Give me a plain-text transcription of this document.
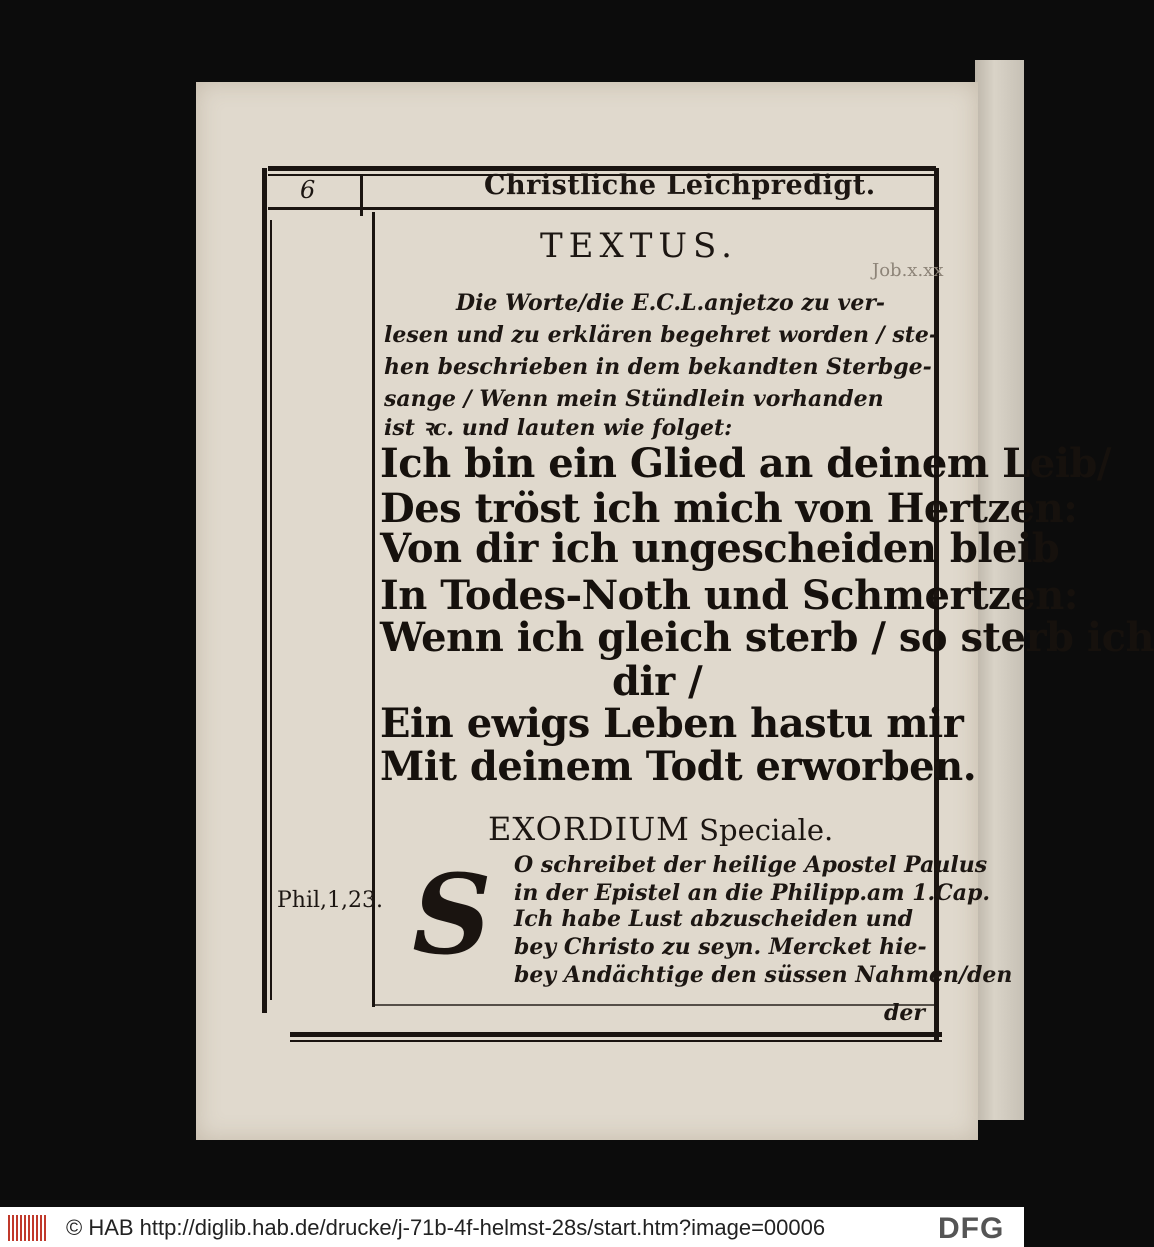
6	Christliche Leichpredigt.
TEXTUS.
Job.x.xx
Die Worte/die E.C.L.anjetzo zu ver-
lesen und zu erklären begehret worden / ste-
hen beschrieben in dem bekandten Sterbge-
sange / Wenn mein Stündlein vorhanden
ist ꝛc. und lauten wie folget:
Ich bin ein Glied an deinem Leib/
Des tröst ich mich von Hertzen:
Von dir ich ungescheiden bleib
In Todes-Noth und Schmertzen:
Wenn ich gleich sterb / so sterb ich
dir /
Ein ewigs Leben hastu mir
Mit deinem Todt erworben.
EXORDIUM Speciale.
Phil,1,23. S	O schreibet der heilige Apostel Paulus
in der Epistel an die Philipp.am 1.Cap.
Ich habe Lust abzuscheiden und
bey Christo zu seyn. Mercket hie-
bey Andächtige den süssen Nahmen/den
der
© HAB http://diglib.hab.de/drucke/j-71b-4f-helmst-28s/start.htm?image=00006	DFG
